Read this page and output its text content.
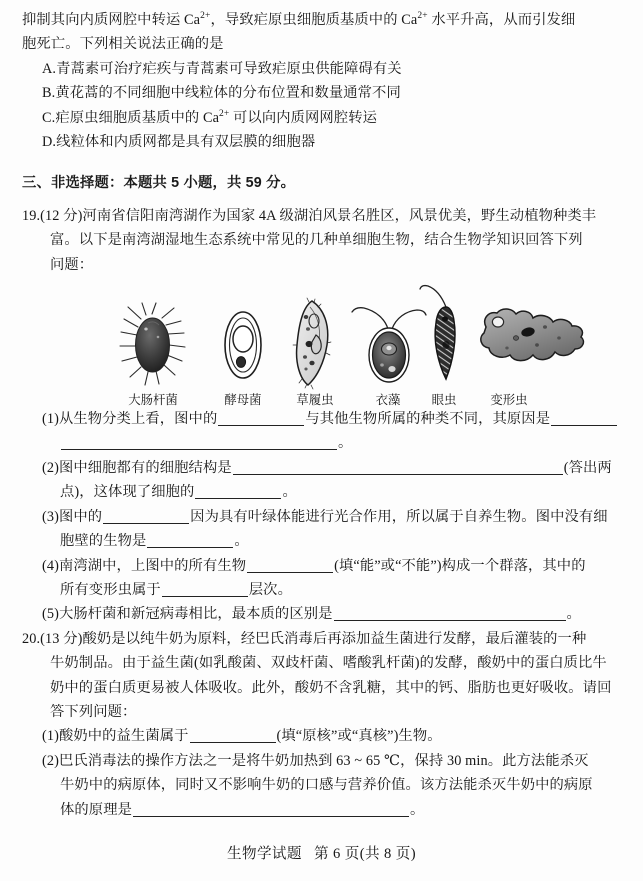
抑制其向内质网腔中转运 $Ca^{2+}$，导致疟原虫细胞质基质中的 $Ca^{2+}$ 水平升高，从而引发细
胞死亡。下列相关说法正确的是
A.青蒿素可治疗疟疾与青蒿素可导致疟原虫供能障碍有关
B.黄花蒿的不同细胞中线粒体的分布位置和数量通常不同
C.疟原虫细胞质基质中的 $Ca^{2+}$ 可以向内质网网腔转运
D.线粒体和内质网都是具有双层膜的细胞器
三、非选择题：本题共 5 小题，共 59 分。
19.(12 分)河南省信阳南湾湖作为国家 4A 级湖泊风景名胜区，风景优美，野生动植物种类丰
富。以下是南湾湖湿地生态系统中常见的几种单细胞生物，结合生物学知识回答下列
问题：
大肠杆菌	酵母菌	草履虫	衣藻	眼虫	变形虫
(1)从生物分类上看，图中的	与其他生物所属的种类不同，其原因是
。
(2)图中细胞都有的细胞结构是	(答出两
点)，这体现了细胞的	。
(3)图中的	因为具有叶绿体能进行光合作用，所以属于自养生物。图中没有细
胞壁的生物是	。
(4)南湾湖中，上图中的所有生物	(填“能”或“不能”)构成一个群落，其中的
所有变形虫属于	层次。
(5)大肠杆菌和新冠病毒相比，最本质的区别是	。
20.(13 分)酸奶是以纯牛奶为原料，经巴氏消毒后再添加益生菌进行发酵，最后灌装的一种
牛奶制品。由于益生菌(如乳酸菌、双歧杆菌、嗜酸乳杆菌)的发酵，酸奶中的蛋白质比牛
奶中的蛋白质更易被人体吸收。此外，酸奶不含乳糖，其中的钙、脂肪也更好吸收。请回
答下列问题：
(1)酸奶中的益生菌属于	(填“原核”或“真核”)生物。
(2)巴氏消毒法的操作方法之一是将牛奶加热到 63 ~ 65 ℃，保持 30 min。此方法能杀灭
牛奶中的病原体，同时又不影响牛奶的口感与营养价值。该方法能杀灭牛奶中的病原
体的原理是	。
生物学试题 第 6 页(共 8 页)
